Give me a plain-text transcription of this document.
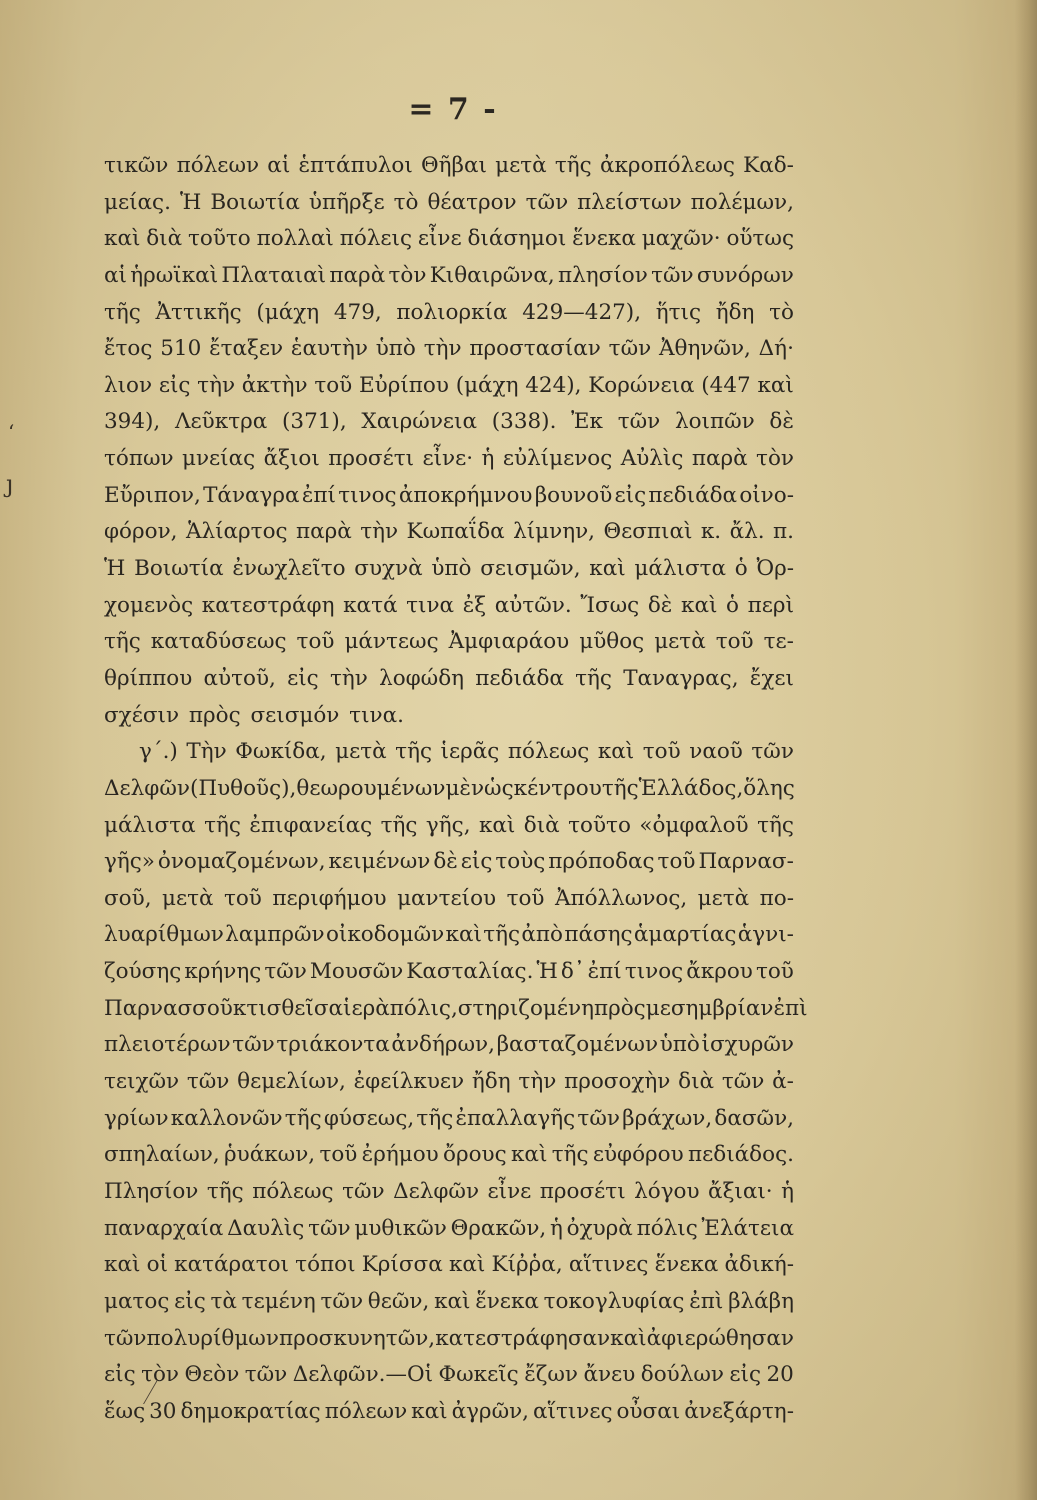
ʻ
ȷ
= 7 -
τικῶν πόλεων αἱ ἑπτάπυλοι Θῆβαι μετὰ τῆς ἀκροπόλεως Καδ-
μείας. Ἡ Βοιωτία ὑπῆρξε τὸ θέατρον τῶν πλείστων πολέμων,
καὶ διὰ τοῦτο πολλαὶ πόλεις εἶνε διάσημοι ἕνεκα μαχῶν· οὕτως
αἱ ἡρωϊκαὶ Πλαταιαὶ παρὰ τὸν Κιθαιρῶνα, πλησίον τῶν συνόρων
τῆς Ἀττικῆς (μάχη 479, πολιορκία 429—427), ἥτις ἤδη τὸ
ἔτος 510 ἔταξεν ἑαυτὴν ὑπὸ τὴν προστασίαν τῶν Ἀθηνῶν, Δή·
λιον εἰς τὴν ἀκτὴν τοῦ Εὐρίπου (μάχη 424), Κορώνεια (447 καὶ
394), Λεῦκτρα (371), Χαιρώνεια (338). Ἐκ τῶν λοιπῶν δὲ
τόπων μνείας ἄξιοι προσέτι εἶνε· ἡ εὐλίμενος Αὐλὶς παρὰ τὸν
Εὔριπον, Τάναγρα ἐπί τινος ἀποκρήμνου βουνοῦ εἰς πεδιάδα οἰνο-
φόρον, Ἁλίαρτος παρὰ τὴν Κωπαΐδα λίμνην, Θεσπιαὶ κ. ἄλ. π.
Ἡ Βοιωτία ἐνωχλεῖτο συχνὰ ὑπὸ σεισμῶν, καὶ μάλιστα ὁ Ὀρ-
χομενὸς κατεστράφη κατά τινα ἐξ αὐτῶν. Ἴσως δὲ καὶ ὁ περὶ
τῆς καταδύσεως τοῦ μάντεως Ἀμφιαράου μῦθος μετὰ τοῦ τε-
θρίππου αὐτοῦ, εἰς τὴν λοφώδη πεδιάδα τῆς Ταναγρας, ἔχει
σχέσιν πρὸς σεισμόν τινα.
γ΄.) Τὴν Φωκίδα, μετὰ τῆς ἱερᾶς πόλεως καὶ τοῦ ναοῦ τῶν
Δελφῶν (Πυθοῦς), θεωρουμένων μὲν ὡς κέντρου τῆς Ἑλλάδος, ὅλης
μάλιστα τῆς ἐπιφανείας τῆς γῆς, καὶ διὰ τοῦτο «ὀμφαλοῦ τῆς
γῆς» ὀνομαζομένων, κειμένων δὲ εἰς τοὺς πρόποδας τοῦ Παρνασ-
σοῦ, μετὰ τοῦ περιφήμου μαντείου τοῦ Ἀπόλλωνος, μετὰ πο-
λυαρίθμων λαμπρῶν οἰκοδομῶν καὶ τῆς ἀπὸ πάσης ἁμαρτίας ἁγνι-
ζούσης κρήνης τῶν Μουσῶν Κασταλίας. Ἡ δ᾽ ἐπί τινος ἄκρου τοῦ
Παρνασσοῦ κτισθεῖσα ἱερὰ πόλις, στηριζομένη πρὸς μεσημβρίαν ἐπὶ
πλειοτέρων τῶν τριάκοντα ἀνδήρων, βασταζομένων ὑπὸ ἰσχυρῶν
τειχῶν τῶν θεμελίων, ἐφείλκυεν ἤδη τὴν προσοχὴν διὰ τῶν ἀ-
γρίων καλλονῶν τῆς φύσεως, τῆς ἐπαλλαγῆς τῶν βράχων, δασῶν,
σπηλαίων, ῥυάκων, τοῦ ἐρήμου ὄρους καὶ τῆς εὐφόρου πεδιάδος.
Πλησίον τῆς πόλεως τῶν Δελφῶν εἶνε προσέτι λόγου ἄξιαι· ἡ
παναρχαία Δαυλὶς τῶν μυθικῶν Θρακῶν, ἡ ὀχυρὰ πόλις Ἐλάτεια
καὶ οἱ κατάρατοι τόποι Κρίσσα καὶ Κίῤῥα, αἵτινες ἕνεκα ἀδική-
ματος εἰς τὰ τεμένη τῶν θεῶν, καὶ ἕνεκα τοκογλυφίας ἐπὶ βλάβη
τῶν πολυρίθμων προσκυνητῶν, κατεστράφησαν καὶ ἀφιερώθησαν
εἰς τὸν Θεὸν τῶν Δελφῶν.—Οἱ Φωκεῖς ἔζων ἄνευ δούλων εἰς 20
ἕως 30 δημοκρατίας πόλεων καὶ ἀγρῶν, αἵτινες οὖσαι ἀνεξάρτη-
